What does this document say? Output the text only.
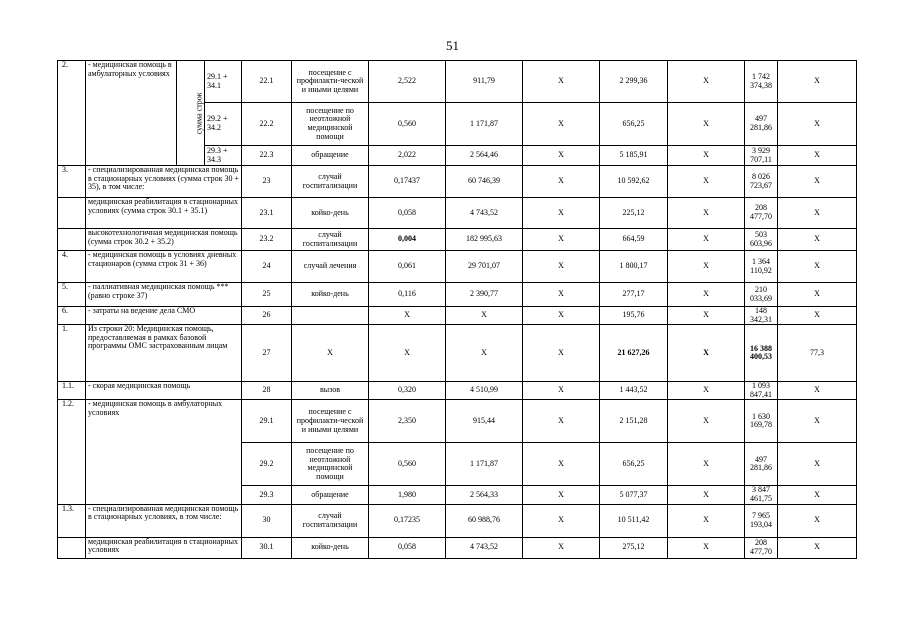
51
2.	- медицинская помощь в амбулаторных условиях	сумма строк	29.1 + 34.1	22.1	посещение с профилакти-ческой и иными целями	2,522	911,79	X	2 299,36	X	1 742 374,38	X
			29.2 + 34.2	22.2	посещение по неотложной медицинской помощи	0,560	1 171,87	X	656,25	X	497 281,86	X
			29.3 + 34.3	22.3	обращение	2,022	2 564,46	X	5 185,91	X	3 929 707,11	X
3.	- специализированная медицинская помощь в стационарных условиях (сумма строк 30 + 35), в том числе:			23	случай госпитализации	0,17437	60 746,39	X	10 592,62	X	8 026 723,67	X
	медицинская реабилитация в стационарных условиях (сумма строк 30.1 + 35.1)			23.1	койко-день	0,058	4 743,52	X	225,12	X	208 477,70	X
	высокотехнологичная медицинская помощь (сумма строк 30.2 + 35.2)			23.2	случай госпитализации	0,004	182 995,63	X	664,59	X	503 603,96	X
4.	- медицинская помощь в условиях дневных стационаров (сумма строк 31 + 36)			24	случай лечения	0,061	29 701,07	X	1 800,17	X	1 364 110,92	X
5.	- паллиативная медицинская помощь *** (равно строке 37)			25	койко-день	0,116	2 390,77	X	277,17	X	210 033,69	X
6.	- затраты на ведение дела СМО			26		X	X	X	195,76	X	148 342,31	X
1.	Из строки 20: Медицинская помощь, предоставляемая в рамках базовой программы ОМС застрахованным лицам			27	X	X	X	X	21 627,26	X	16 388 400,53	77,3
1.1.	- скорая медицинская помощь			28	вызов	0,320	4 510,99	X	1 443,52	X	1 093 847,41	X
1.2.	- медицинская помощь в амбулаторных условиях			29.1	посещение с профилакти-ческой и иными целями	2,350	915,44	X	2 151,28	X	1 630 169,78	X
				29.2	посещение по неотложной медицинской помощи	0,560	1 171,87	X	656,25	X	497 281,86	X
				29.3	обращение	1,980	2 564,33	X	5 077,37	X	3 847 461,75	X
1.3.	- специализированная медицинская помощь в стационарных условиях, в том числе:			30	случай госпитализации	0,17235	60 988,76	X	10 511,42	X	7 965 193,04	X
	медицинская реабилитация в стационарных условиях			30.1	койко-день	0,058	4 743,52	X	275,12	X	208 477,70	X
